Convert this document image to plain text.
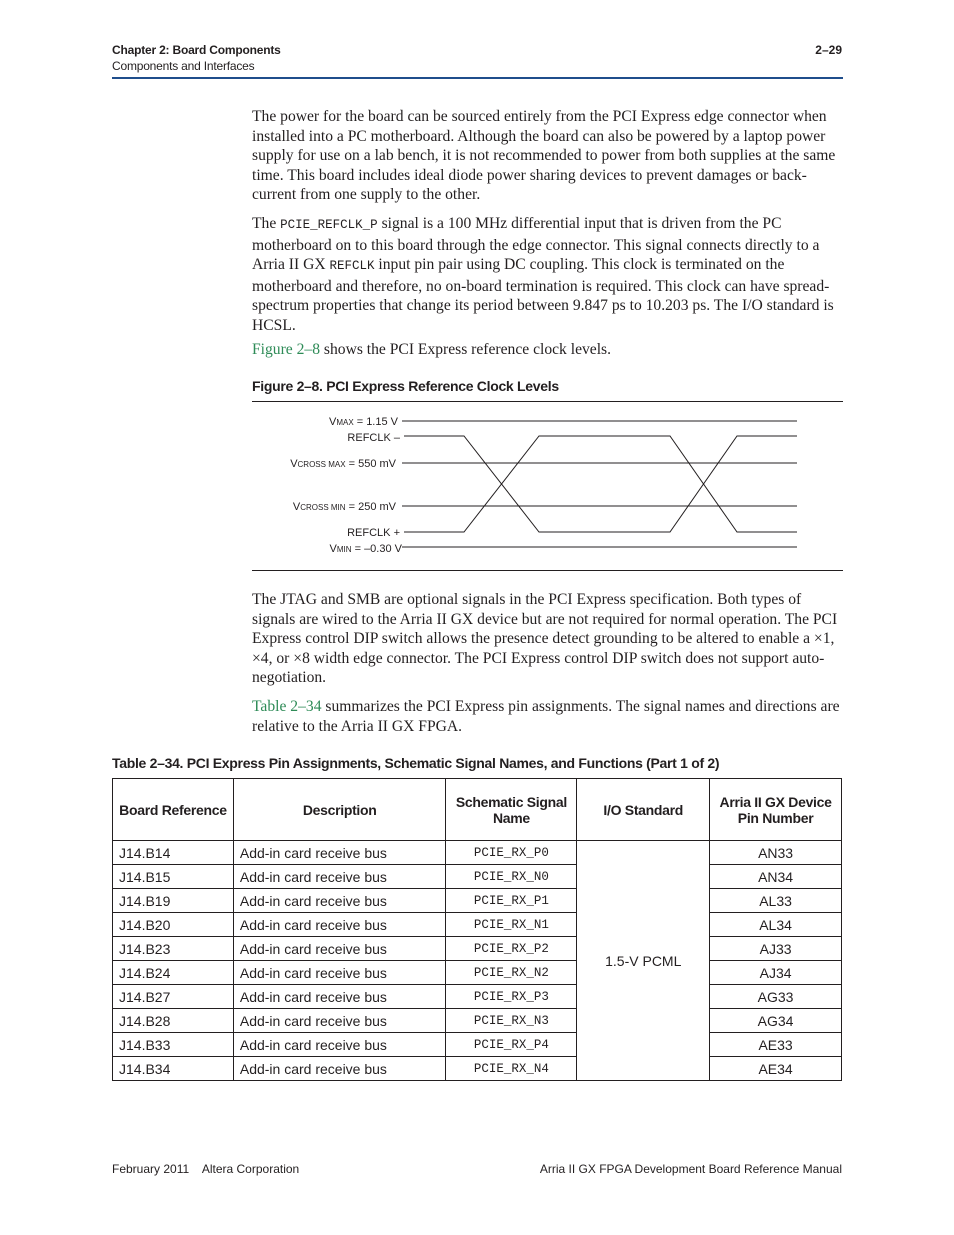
Chapter 2: Board Components
Components and Interfaces
2–29

The power for the board can be sourced entirely from the PCI Express edge connector when installed into a PC motherboard. Although the board can also be powered by a laptop power supply for use on a lab bench, it is not recommended to power from both supplies at the same time. This board includes ideal diode power sharing devices to prevent damages or back-current from one supply to the other.

The PCIE_REFCLK_P signal is a 100 MHz differential input that is driven from the PC motherboard on to this board through the edge connector. This signal connects directly to a Arria II GX REFCLK input pin pair using DC coupling. This clock is terminated on the motherboard and therefore, no on-board termination is required. This clock can have spread-spectrum properties that change its period between 9.847 ps to 10.203 ps. The I/O standard is HCSL.

Figure 2–8 shows the PCI Express reference clock levels.

Figure 2–8. PCI Express Reference Clock Levels
VMAX = 1.15 V
REFCLK –
VCROSS MAX = 550 mV
VCROSS MIN = 250 mV
REFCLK +
VMIN = –0.30 V

The JTAG and SMB are optional signals in the PCI Express specification. Both types of signals are wired to the Arria II GX device but are not required for normal operation. The PCI Express control DIP switch allows the presence detect grounding to be altered to enable a ×1, ×4, or ×8 width edge connector. The PCI Express control DIP switch does not support auto-negotiation.

Table 2–34 summarizes the PCI Express pin assignments. The signal names and directions are relative to the Arria II GX FPGA.

Table 2–34. PCI Express Pin Assignments, Schematic Signal Names, and Functions (Part 1 of 2)
Board Reference	Description	Schematic Signal Name	I/O Standard	Arria II GX Device Pin Number
J14.B14	Add-in card receive bus	PCIE_RX_P0	1.5-V PCML	AN33
J14.B15	Add-in card receive bus	PCIE_RX_N0		AN34
J14.B19	Add-in card receive bus	PCIE_RX_P1		AL33
J14.B20	Add-in card receive bus	PCIE_RX_N1		AL34
J14.B23	Add-in card receive bus	PCIE_RX_P2		AJ33
J14.B24	Add-in card receive bus	PCIE_RX_N2		AJ34
J14.B27	Add-in card receive bus	PCIE_RX_P3		AG33
J14.B28	Add-in card receive bus	PCIE_RX_N3		AG34
J14.B33	Add-in card receive bus	PCIE_RX_P4		AE33
J14.B34	Add-in card receive bus	PCIE_RX_N4		AE34
February 2011    Altera Corporation	Arria II GX FPGA Development Board Reference Manual
